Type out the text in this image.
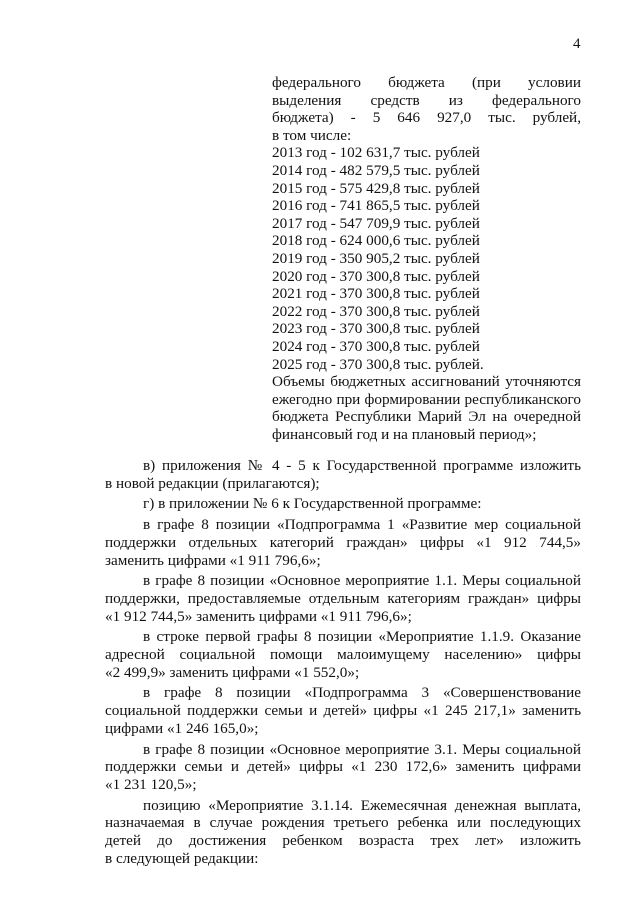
4
федерального бюджета (при условии
выделения средств из федерального
бюджета) - 5 646 927,0 тыс. рублей,
в том числе:
2013 год - 102 631,7 тыс. рублей
2014 год - 482 579,5 тыс. рублей
2015 год - 575 429,8 тыс. рублей
2016 год - 741 865,5 тыс. рублей
2017 год - 547 709,9 тыс. рублей
2018 год - 624 000,6 тыс. рублей
2019 год - 350 905,2 тыс. рублей
2020 год - 370 300,8 тыс. рублей
2021 год - 370 300,8 тыс. рублей
2022 год - 370 300,8 тыс. рублей
2023 год - 370 300,8 тыс. рублей
2024 год - 370 300,8 тыс. рублей
2025 год - 370 300,8 тыс. рублей.
Объемы бюджетных ассигнований уточняются
ежегодно при формировании республиканского
бюджета Республики Марий Эл на очередной
финансовый год и на плановый период»;

в) приложения № 4 - 5 к Государственной программе изложить
в новой редакции (прилагаются);

г) в приложении № 6 к Государственной программе:

в графе 8 позиции «Подпрограмма 1 «Развитие мер социальной
поддержки отдельных категорий граждан» цифры «1 912 744,5»
заменить цифрами «1 911 796,6»;

в графе 8 позиции «Основное мероприятие 1.1. Меры социальной
поддержки, предоставляемые отдельным категориям граждан» цифры
«1 912 744,5» заменить цифрами «1 911 796,6»;

в строке первой графы 8 позиции «Мероприятие 1.1.9. Оказание
адресной социальной помощи малоимущему населению» цифры
«2 499,9» заменить цифрами «1 552,0»;

в графе 8 позиции «Подпрограмма 3 «Совершенствование
социальной поддержки семьи и детей» цифры «1 245 217,1» заменить
цифрами «1 246 165,0»;

в графе 8 позиции «Основное мероприятие 3.1. Меры социальной
поддержки семьи и детей» цифры «1 230 172,6» заменить цифрами
«1 231 120,5»;

позицию «Мероприятие 3.1.14. Ежемесячная денежная выплата,
назначаемая в случае рождения третьего ребенка или последующих
детей до достижения ребенком возраста трех лет» изложить
в следующей редакции:
